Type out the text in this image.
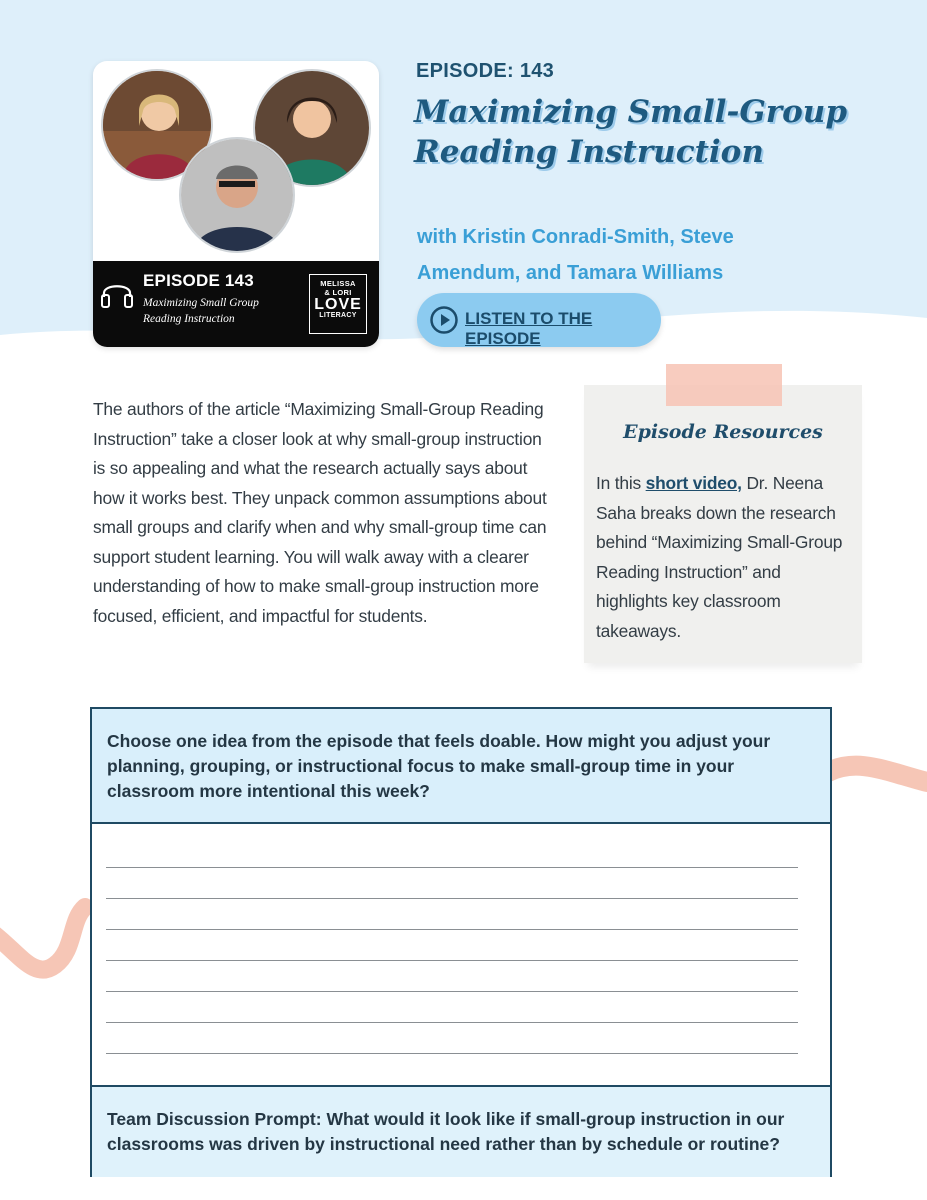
EPISODE 143
Maximizing Small Group Reading Instruction
MELISSA
& LORI
LOVE
LITERACY
EPISODE: 143
Maximizing Small-Group Reading Instruction
with Kristin Conradi-Smith, Steve Amendum, and Tamara Williams
LISTEN TO THE EPISODE
The authors of the article “Maximizing Small-Group Reading Instruction” take a closer look at why small-group instruction is so appealing and what the research actually says about how it works best. They unpack common assumptions about small groups and clarify when and why small-group time can support student learning. You will walk away with a clearer understanding of how to make small-group instruction more focused, efficient, and impactful for students.
Episode Resources
In this short video, Dr. Neena Saha breaks down the research behind “Maximizing Small-Group Reading Instruction” and highlights key classroom takeaways.
Choose one idea from the episode that feels doable. How might you adjust your planning, grouping, or instructional focus to make small-group time in your classroom more intentional this week?
Team Discussion Prompt: What would it look like if small-group instruction in our classrooms was driven by instructional need rather than by schedule or routine?
